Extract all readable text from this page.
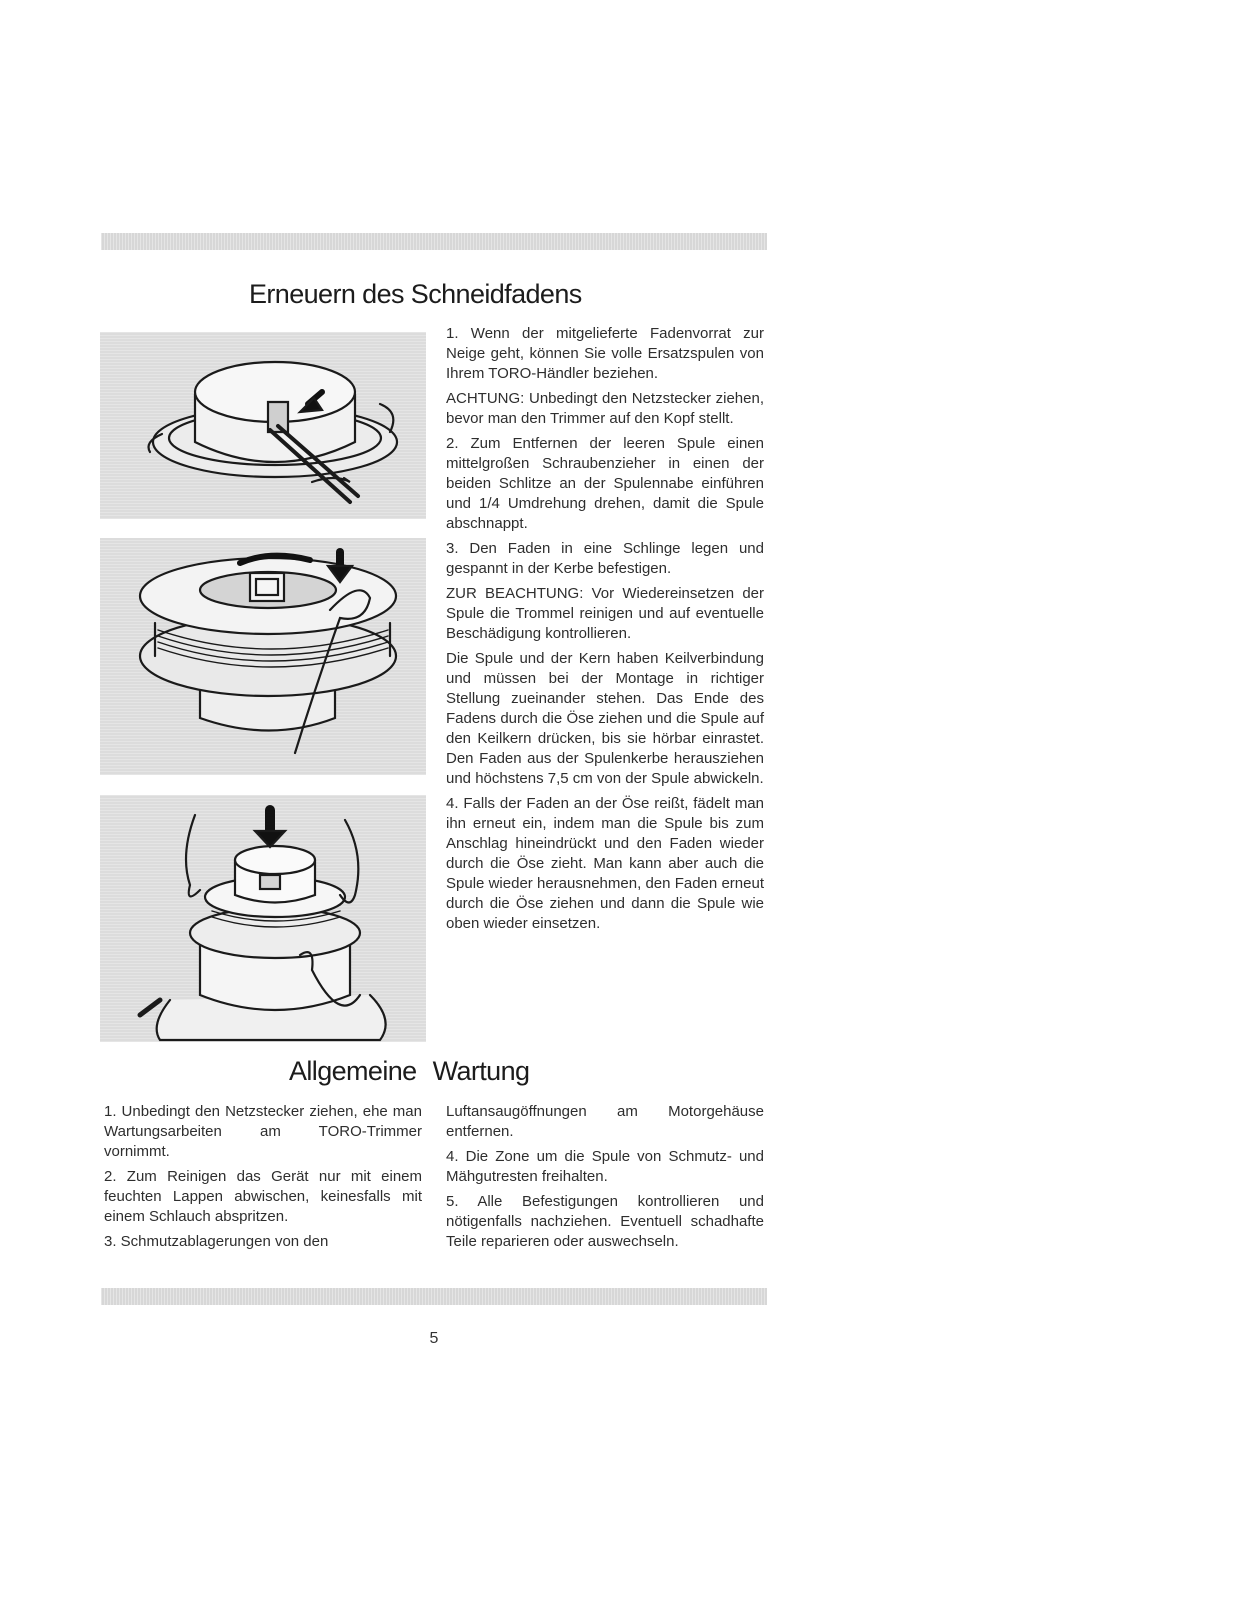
Erneuern des Schneidfadens

1. Wenn der mitgelieferte Fadenvorrat zur Neige geht, können Sie volle Ersatzspulen von Ihrem TORO-Händler beziehen.

ACHTUNG: Unbedingt den Netzstecker ziehen, bevor man den Trimmer auf den Kopf stellt.

2. Zum Entfernen der leeren Spule einen mittelgroßen Schraubenzieher in einen der beiden Schlitze an der Spulennabe einführen und 1/4 Umdrehung drehen, damit die Spule abschnappt.

3. Den Faden in eine Schlinge legen und gespannt in der Kerbe befestigen.

ZUR BEACHTUNG: Vor Wiedereinsetzen der Spule die Trommel reinigen und auf eventuelle Beschädigung kontrollieren.

Die Spule und der Kern haben Keilverbindung und müssen bei der Montage in richtiger Stellung zueinander stehen. Das Ende des Fadens durch die Öse ziehen und die Spule auf den Keilkern drücken, bis sie hörbar einrastet. Den Faden aus der Spulenkerbe herausziehen und höchstens 7,5 cm von der Spule abwickeln.

4. Falls der Faden an der Öse reißt, fädelt man ihn erneut ein, indem man die Spule bis zum Anschlag hineindrückt und den Faden wieder durch die Öse zieht. Man kann aber auch die Spule wieder herausnehmen, den Faden erneut durch die Öse ziehen und dann die Spule wie oben wieder einsetzen.

Allgemeine Wartung

1. Unbedingt den Netzstecker ziehen, ehe man Wartungsarbeiten am TORO-Trimmer vornimmt.

2. Zum Reinigen das Gerät nur mit einem feuchten Lappen abwischen, keinesfalls mit einem Schlauch abspritzen.

3. Schmutzablagerungen von den

Luftansaugöffnungen am Motorgehäuse entfernen.

4. Die Zone um die Spule von Schmutz- und Mähgutresten freihalten.

5. Alle Befestigungen kontrollieren und nötigenfalls nachziehen. Eventuell schadhafte Teile reparieren oder auswechseln.

5
